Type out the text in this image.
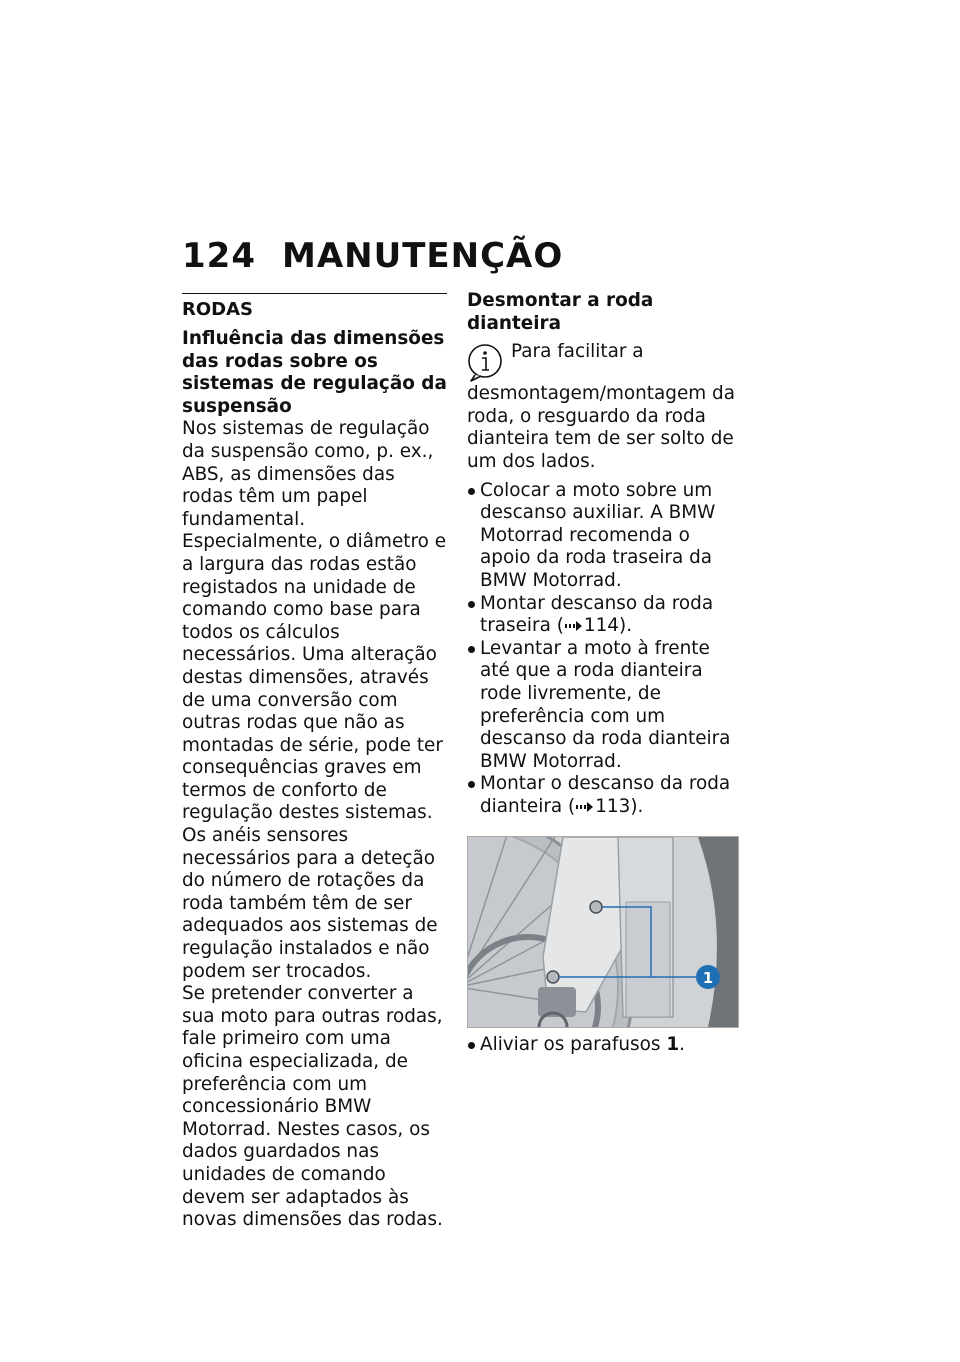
124 MANUTENÇÃO
RODAS
Influência das dimensões das rodas sobre os sistemas de regulação da suspensão

Nos sistemas de regulação da suspensão como, p. ex., ABS, as dimensões das rodas têm um papel fundamental. Especialmente, o diâmetro e a largura das rodas estão registados na unidade de comando como base para todos os cálculos necessários. Uma alteração destas dimensões, através de uma conversão com outras rodas que não as montadas de série, pode ter consequências graves em termos de conforto de regulação destes sistemas.

Os anéis sensores necessários para a deteção do número de rotações da roda também têm de ser adequados aos sistemas de regulação instalados e não podem ser trocados.

Se pretender converter a sua moto para outras rodas, fale primeiro com uma oficina especializada, de preferência com um concessionário BMW Motorrad. Nestes casos, os dados guardados nas unidades de comando devem ser adaptados às novas dimensões das rodas.

Desmontar a roda dianteira

Para facilitar a desmontagem/montagem da roda, o resguardo da roda dianteira tem de ser solto de um dos lados.

Colocar a moto sobre um descanso auxiliar. A BMW Motorrad recomenda o apoio da roda traseira da BMW Motorrad.
Montar descanso da roda traseira ( 114).
Levantar a moto à frente até que a roda dianteira rode livremente, de preferência com um descanso da roda dianteira BMW Motorrad.
Montar o descanso da roda dianteira ( 113).
1
Aliviar os parafusos 1.
